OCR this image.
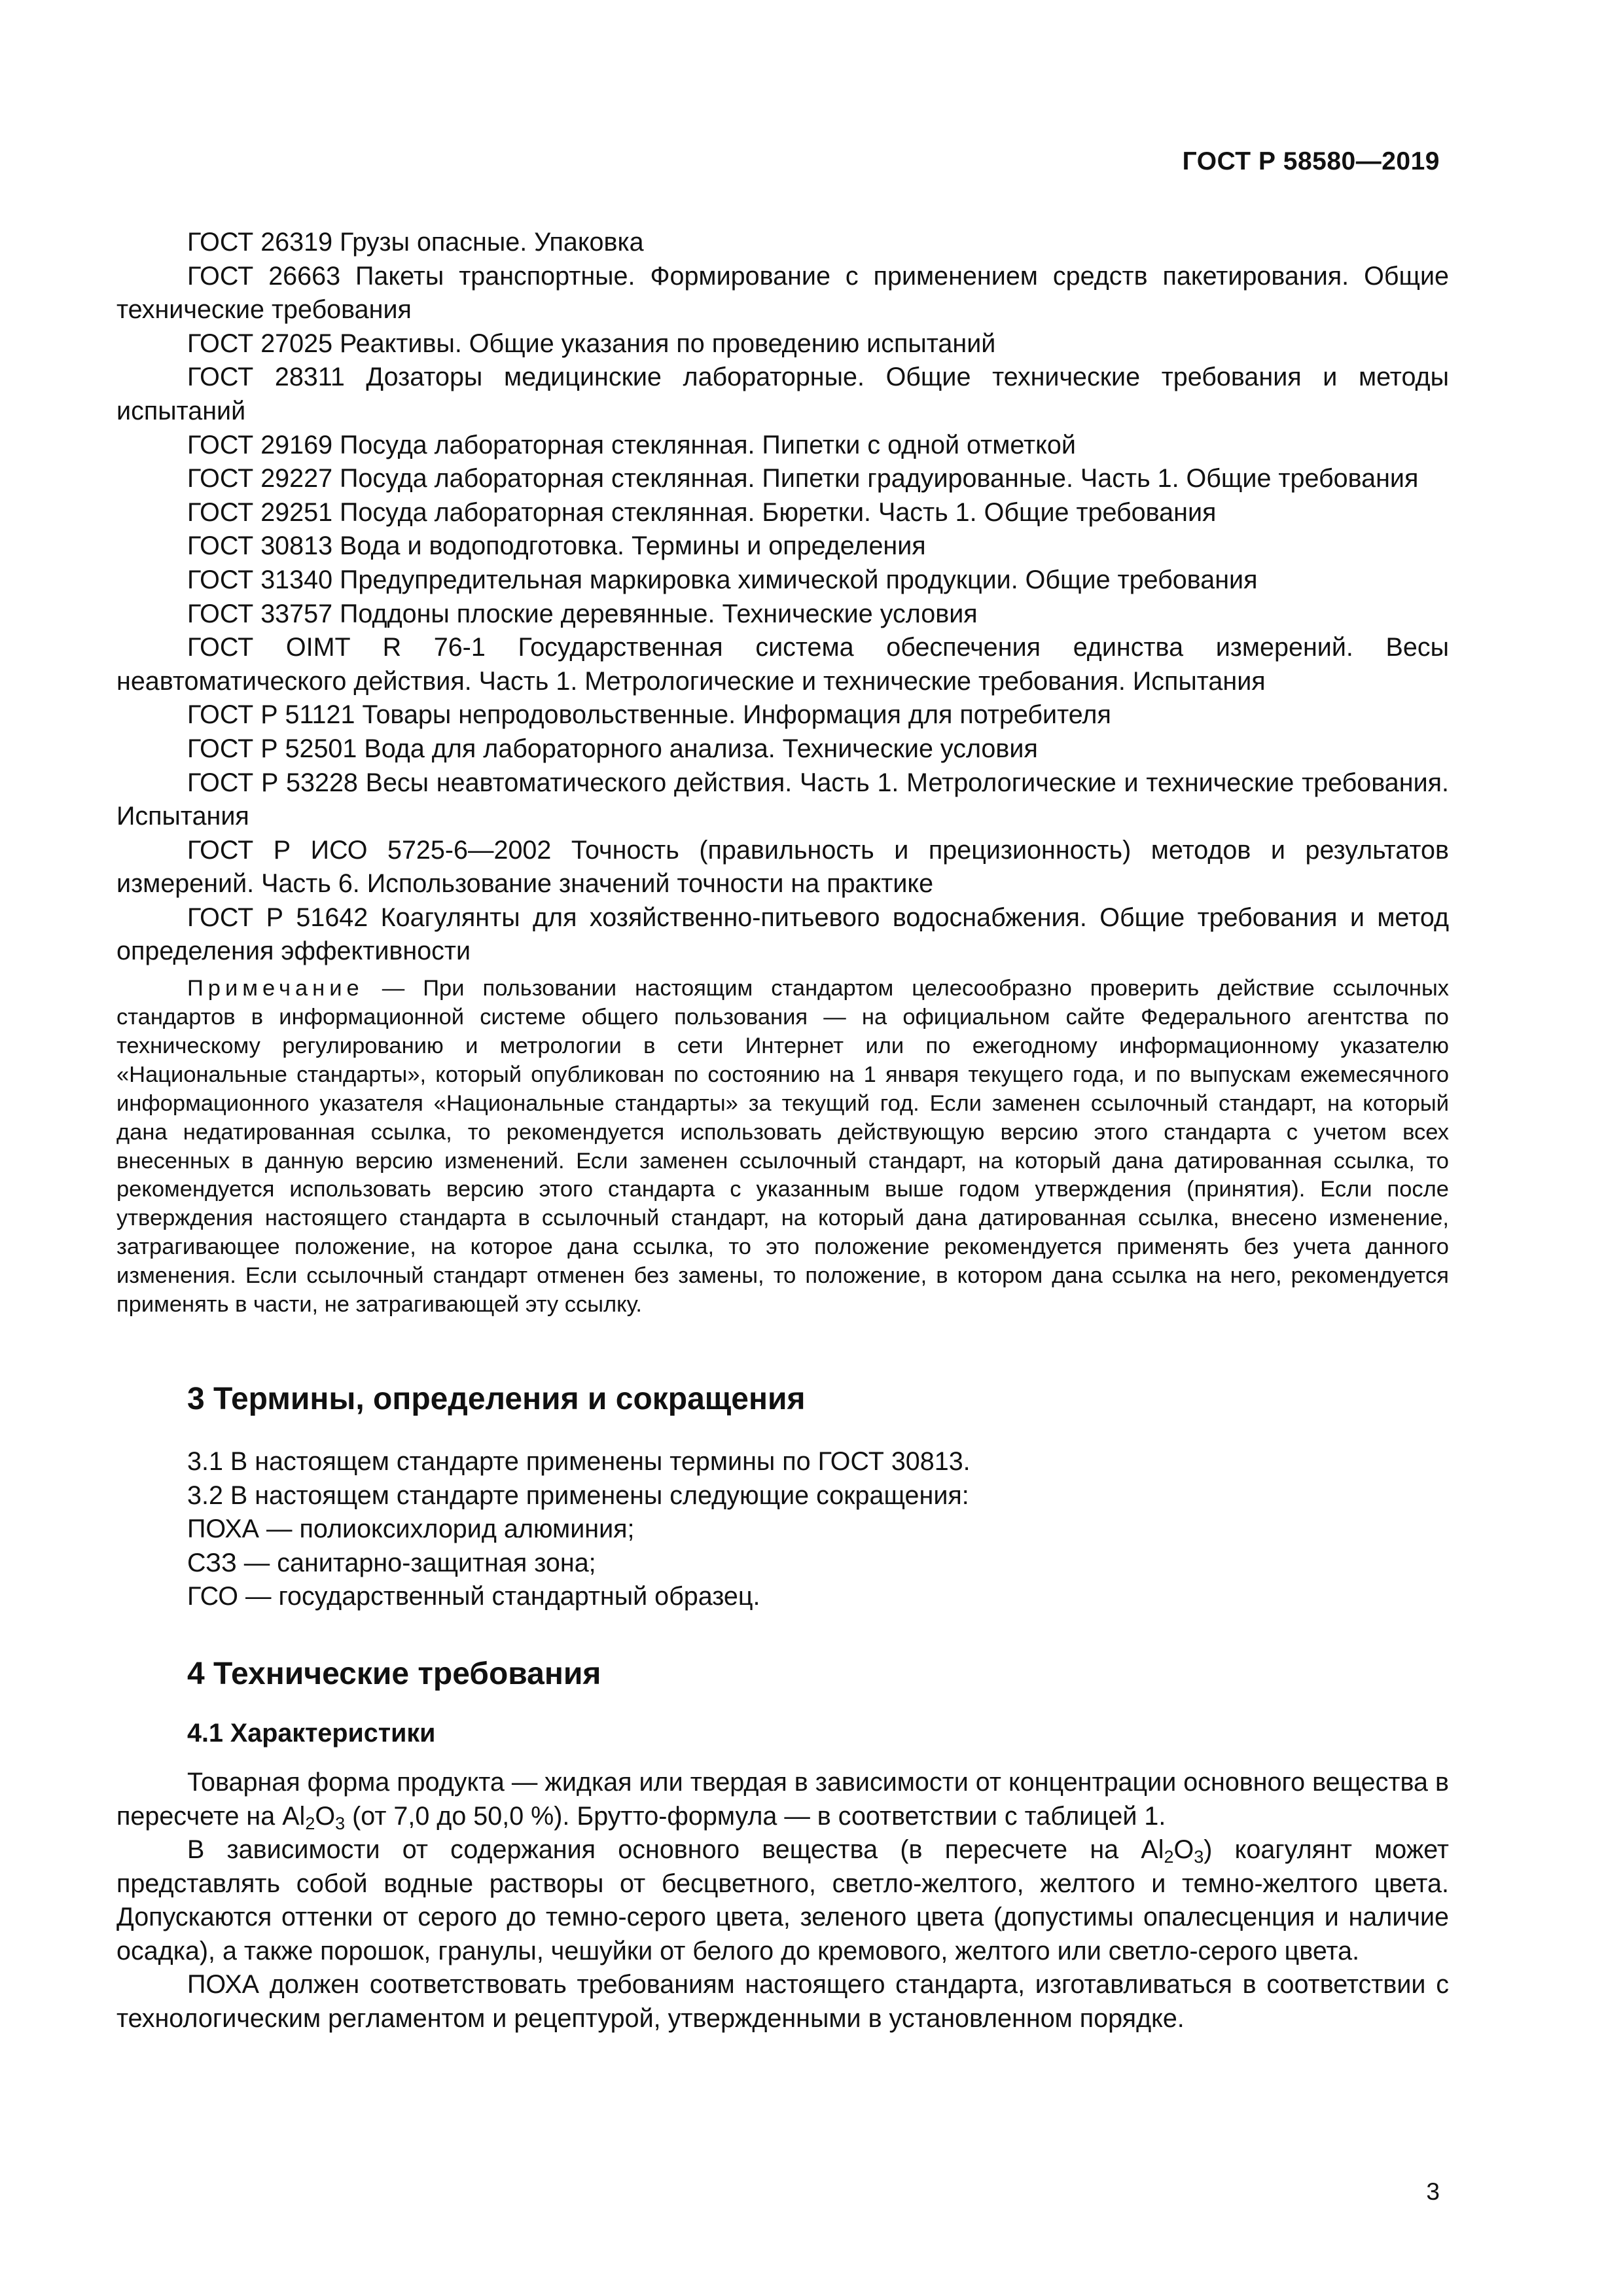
ГОСТ Р 58580—2019

ГОСТ 26319 Грузы опасные. Упаковка

ГОСТ 26663 Пакеты транспортные. Формирование с применением средств пакетирования. Общие технические требования

ГОСТ 27025 Реактивы. Общие указания по проведению испытаний

ГОСТ 28311 Дозаторы медицинские лабораторные. Общие технические требования и методы испытаний

ГОСТ 29169 Посуда лабораторная стеклянная. Пипетки с одной отметкой

ГОСТ 29227 Посуда лабораторная стеклянная. Пипетки градуированные. Часть 1. Общие требования

ГОСТ 29251 Посуда лабораторная стеклянная. Бюретки. Часть 1. Общие требования

ГОСТ 30813 Вода и водоподготовка. Термины и определения

ГОСТ 31340 Предупредительная маркировка химической продукции. Общие требования

ГОСТ 33757 Поддоны плоские деревянные. Технические условия

ГОСТ OIMT R 76-1 Государственная система обеспечения единства измерений. Весы неавтоматического действия. Часть 1. Метрологические и технические требования. Испытания

ГОСТ Р 51121 Товары непродовольственные. Информация для потребителя

ГОСТ Р 52501 Вода для лабораторного анализа. Технические условия

ГОСТ Р 53228 Весы неавтоматического действия. Часть 1. Метрологические и технические требования. Испытания

ГОСТ Р ИСО 5725-6—2002 Точность (правильность и прецизионность) методов и результатов измерений. Часть 6. Использование значений точности на практике

ГОСТ Р 51642 Коагулянты для хозяйственно-питьевого водоснабжения. Общие требования и метод определения эффективности

Примечание — При пользовании настоящим стандартом целесообразно проверить действие ссылочных стандартов в информационной системе общего пользования — на официальном сайте Федерального агентства по техническому регулированию и метрологии в сети Интернет или по ежегодному информационному указателю «Национальные стандарты», который опубликован по состоянию на 1 января текущего года, и по выпускам ежемесячного информационного указателя «Национальные стандарты» за текущий год. Если заменен ссылочный стандарт, на который дана недатированная ссылка, то рекомендуется использовать действующую версию этого стандарта с учетом всех внесенных в данную версию изменений. Если заменен ссылочный стандарт, на который дана датированная ссылка, то рекомендуется использовать версию этого стандарта с указанным выше годом утверждения (принятия). Если после утверждения настоящего стандарта в ссылочный стандарт, на который дана датированная ссылка, внесено изменение, затрагивающее положение, на которое дана ссылка, то это положение рекомендуется применять без учета данного изменения. Если ссылочный стандарт отменен без замены, то положение, в котором дана ссылка на него, рекомендуется применять в части, не затрагивающей эту ссылку.
3 Термины, определения и сокращения

3.1 В настоящем стандарте применены термины по ГОСТ 30813.

3.2 В настоящем стандарте применены следующие сокращения:

ПОХА — полиоксихлорид алюминия;

СЗЗ — санитарно-защитная зона;

ГСО — государственный стандартный образец.

4 Технические требования
4.1 Характеристики

Товарная форма продукта — жидкая или твердая в зависимости от концентрации основного вещества в пересчете на $Al_2O_3$ (от 7,0 до 50,0 %). Брутто-формула — в соответствии с таблицей 1.

В зависимости от содержания основного вещества (в пересчете на $Al_2O_3$) коагулянт может представлять собой водные растворы от бесцветного, светло-желтого, желтого и темно-желтого цвета. Допускаются оттенки от серого до темно-серого цвета, зеленого цвета (допустимы опалесценция и наличие осадка), а также порошок, гранулы, чешуйки от белого до кремового, желтого или светло-серого цвета.

ПОХА должен соответствовать требованиям настоящего стандарта, изготавливаться в соответствии с технологическим регламентом и рецептурой, утвержденными в установленном порядке.

3
